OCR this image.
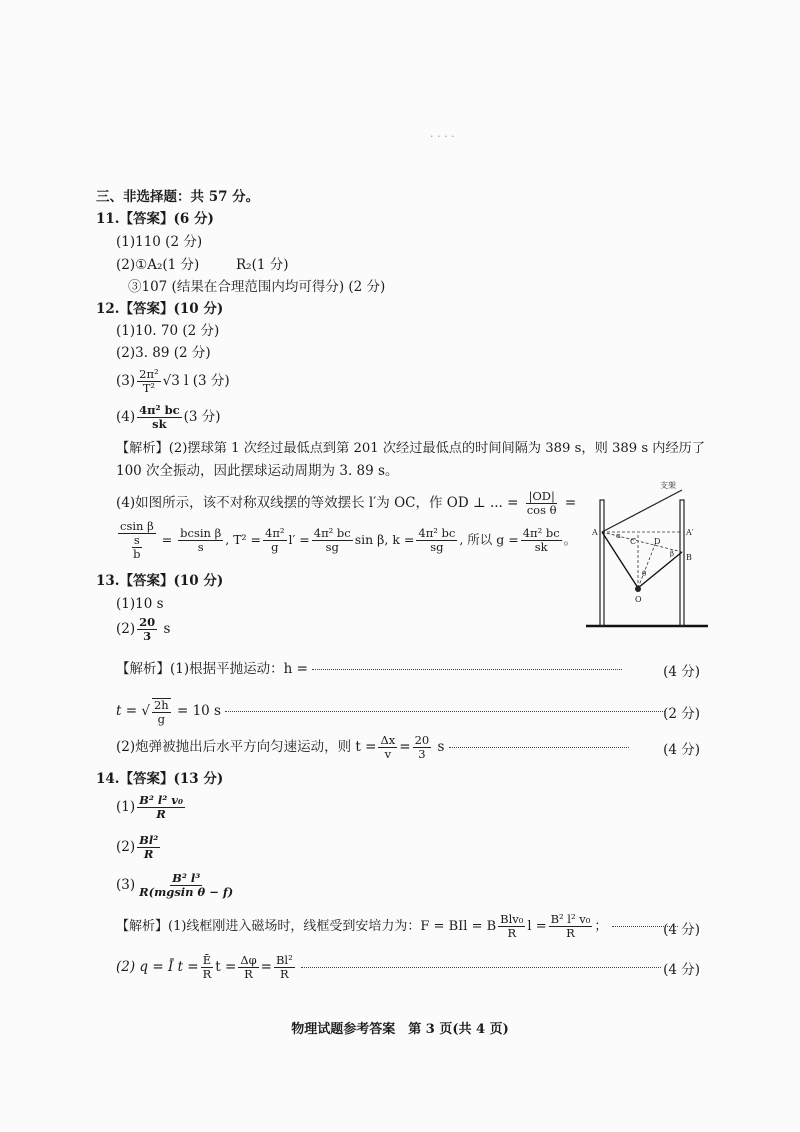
· · · ·
三、非选择题：共 57 分。
11.【答案】(6 分)
(1)110 (2 分)
(2)①A₂(1 分)	R₂(1 分)
③107 (结果在合理范围内均可得分) (2 分)
12.【答案】(10 分)
(1)10. 70 (2 分)
(2)3. 89 (2 分)
$(3) \frac{\text{2π²}}{\text{T²}} √3$ l (3 分)
$(4) \frac{\text{4π² bc}}{sk} (3$ 分)
【解析】(2)摆球第 1 次经过最低点到第 201 次经过最低点的时间间隔为 389 s，则 389 s 内经历了
100 次全振动，因此摆球运动周期为 3. 89 s。
(4)如图所示，该不对称双线摆的等效摆长 l′为 OC，作 OD ⊥ ... = $\frac{|OD|}{\text{cos θ}}$ =
$\frac{\text{csin β}}{\frac{s}{b}} = \frac{\text{bcsin β}}{s}$ , $T^2 = \frac{\text{4π²}}{g} l' = \frac{\text{4π² bc}}{sg}$ sin β, $k = \frac{\text{4π² bc}}{sg}$ , 所以 $g = \frac{\text{4π² bc}}{sk}$ 。
支架
A	A′
C D
B
O
α
β
θ
13.【答案】(10 分)
(1)10 s
$(2) \frac{20}{3}$ s
【解析】(1)根据平抛运动：h =	(4 分)
t = √ $\frac{2h}{g} = 10$ s	(2 分)
(2)炮弹被抛出后水平方向匀速运动，则 $t = \frac{\Delta x}{v} = \frac{20}{3}$ s	(4 分)
14.【答案】(13 分)
$(1) \frac{\text{B² l² v₀}}{R}$
$(2) \frac{\text{Bl²}}{R}$
$(3) \frac{\text{B² l³}}{\text{R(mgsin θ − f)}}$
【解析】(1)线框刚进入磁场时，线框受到安培力为：F = BIl = B $\frac{\text{Blv₀}}{R}$ $l = \frac{\text{B² l² v₀}}{R}$ ；	(4 分)
(2) q = Ī $t = \frac{Ē}{R}$ $t = \frac{\Delta\varphi}{R} = \frac{\text{Bl²}}{R}$
	(4 分)
物理试题参考答案　第 3 页(共 4 页)
